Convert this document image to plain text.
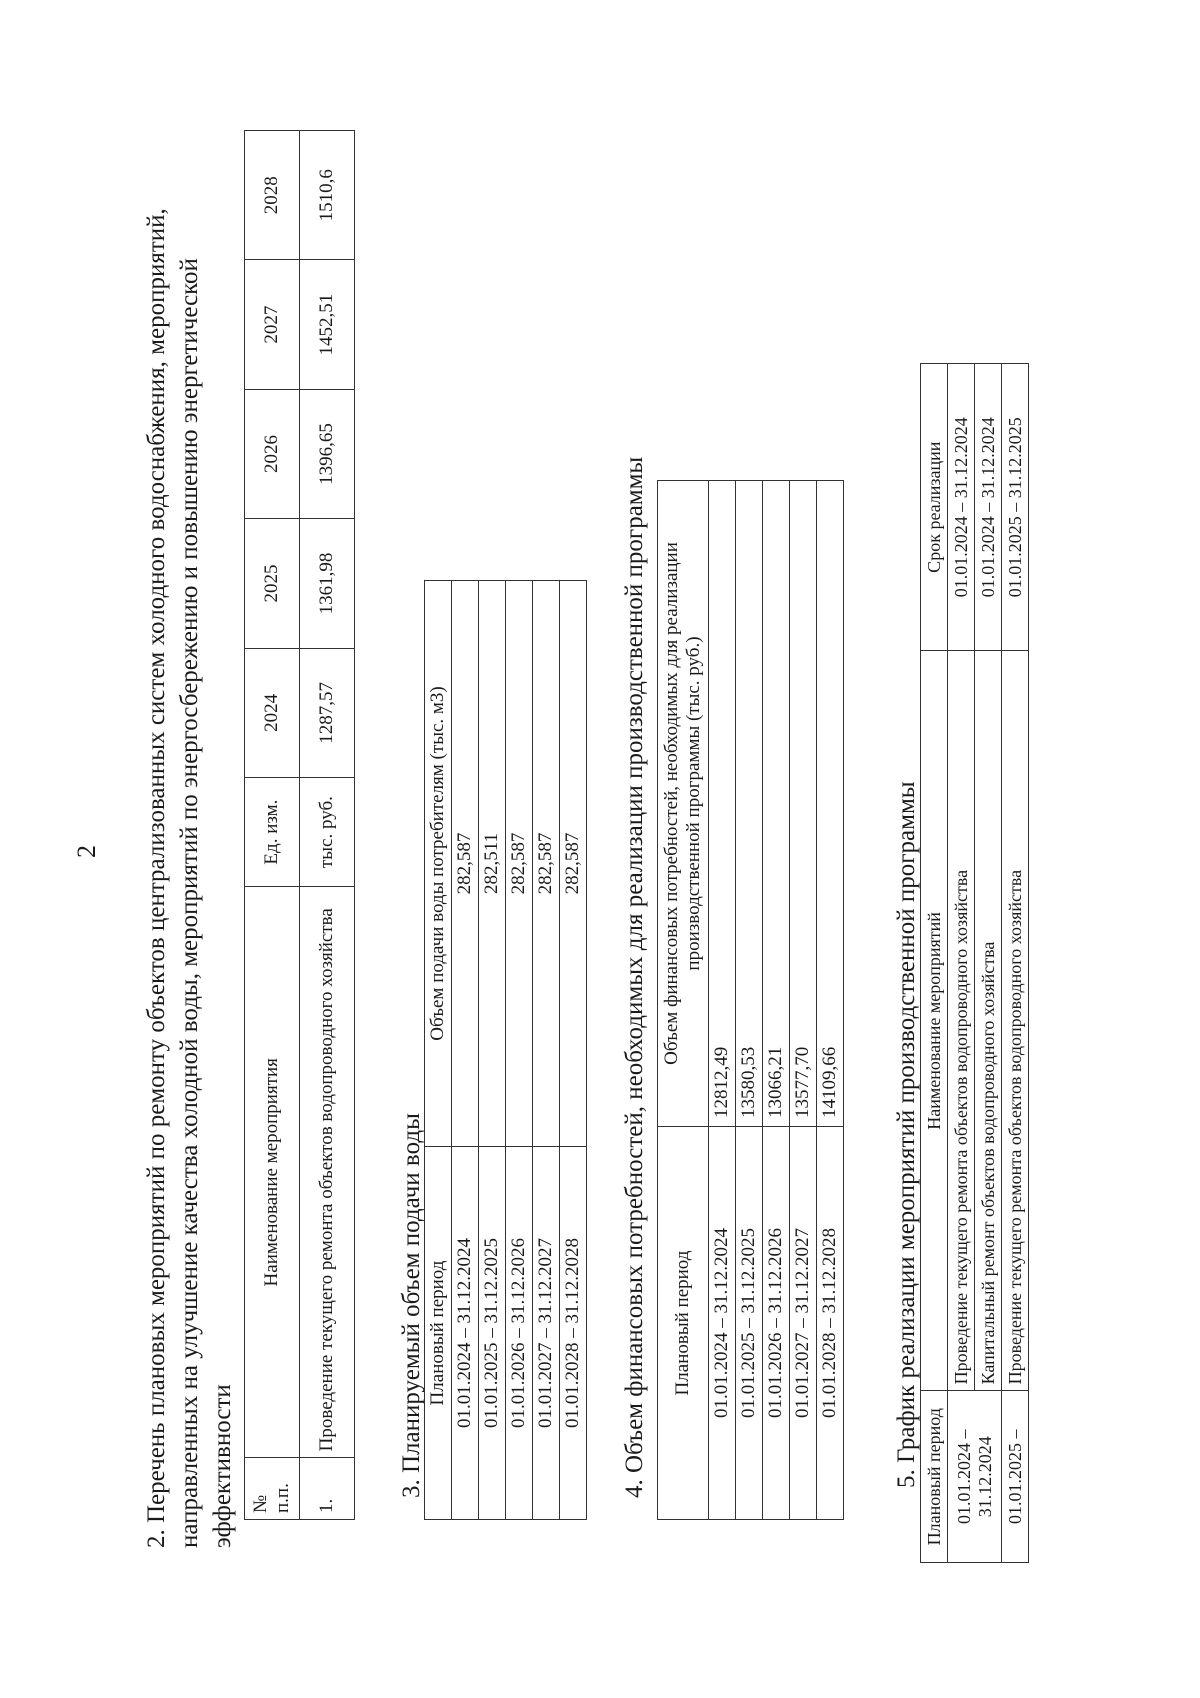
2 2. Перечень плановых мероприятий по ремонту объектов централизованных систем холодного водоснабжения, мероприятий, направленных на улучшение качества холодной воды, мероприятий по энергосбережению и повышению энергетической эффективности № п.п.	Наименование мероприятия	Ед. изм.	2024	2025	2026	2027	2028
1.	Проведение текущего ремонта объектов водопроводного хозяйства	тыс. руб.	1287,57	1361,98	1396,65	1452,51	1510,6
3. Планируемый объем подачи воды Плановый период	Объем подачи воды потребителям (тыс. м3)
01.01.2024 – 31.12.2024	282,587
01.01.2025 – 31.12.2025	282,511
01.01.2026 – 31.12.2026	282,587
01.01.2027 – 31.12.2027	282,587
01.01.2028 – 31.12.2028	282,587 4. Объем финансовых потребностей, необходимых для реализации производственной программы Плановый период	Объем финансовых потребностей, необходимых для реализации производственной программы (тыс. руб.)
01.01.2024 – 31.12.2024	12812,49
01.01.2025 – 31.12.2025	13580,53
01.01.2026 – 31.12.2026	13066,21
01.01.2027 – 31.12.2027	13577,70
01.01.2028 – 31.12.2028	14109,66 5. График реализации мероприятий производственной программы Плановый период	Наименование мероприятий	Срок реализации
01.01.2024 – 31.12.2024	Проведение текущего ремонта объектов водопроводного хозяйства	01.01.2024 – 31.12.2024
	Капитальный ремонт объектов водопроводного хозяйства	01.01.2024 – 31.12.2024
01.01.2025 –	Проведение текущего ремонта объектов водопроводного хозяйства	01.01.2025 – 31.12.2025
